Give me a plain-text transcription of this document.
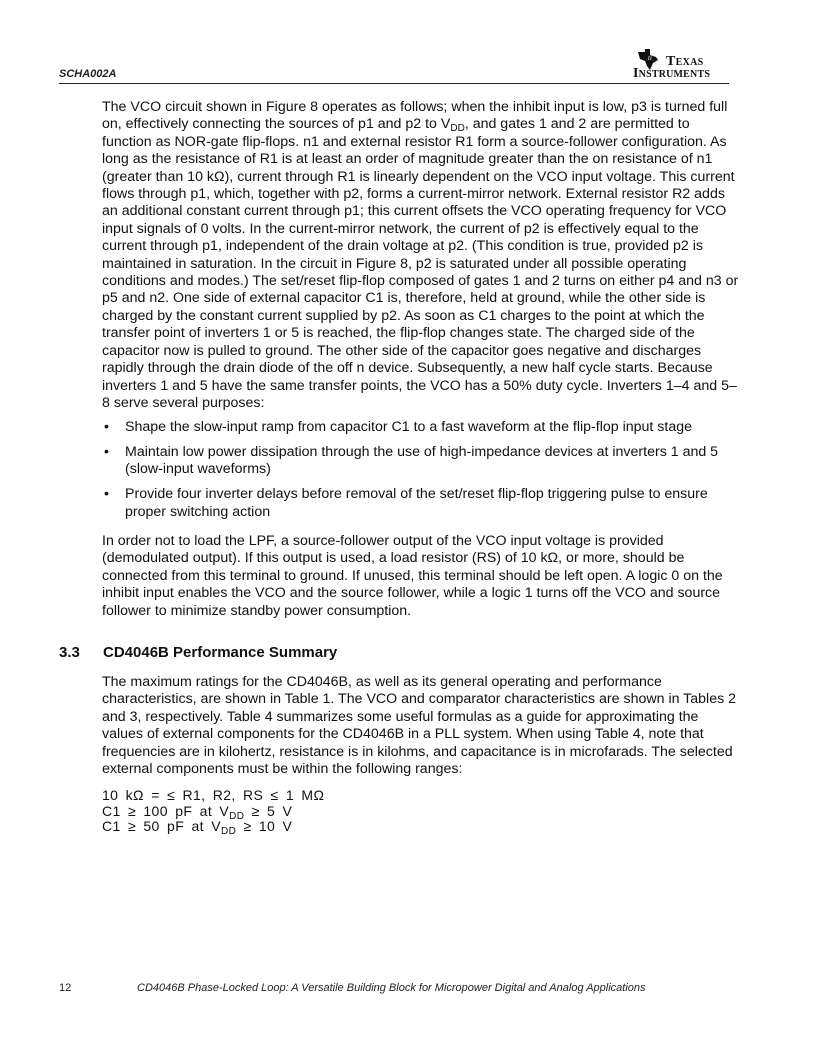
SCHA002A
ti Texas
Instruments
The VCO circuit shown in Figure 8 operates as follows; when the inhibit input is low, p3 is turned full on, effectively connecting the sources of p1 and p2 to $V_{DD}$, and gates 1 and 2 are permitted to function as NOR-gate flip-flops. n1 and external resistor R1 form a source-follower configuration. As long as the resistance of R1 is at least an order of magnitude greater than the on resistance of n1 (greater than 10 kΩ), current through R1 is linearly dependent on the VCO input voltage. This current flows through p1, which, together with p2, forms a current-mirror network. External resistor R2 adds an additional constant current through p1; this current offsets the VCO operating frequency for VCO input signals of 0 volts. In the current-mirror network, the current of p2 is effectively equal to the current through p1, independent of the drain voltage at p2. (This condition is true, provided p2 is maintained in saturation. In the circuit in Figure 8, p2 is saturated under all possible operating conditions and modes.) The set/reset flip-flop composed of gates 1 and 2 turns on either p4 and n3 or p5 and n2. One side of external capacitor C1 is, therefore, held at ground, while the other side is charged by the constant current supplied by p2. As soon as C1 charges to the point at which the transfer point of inverters 1 or 5 is reached, the flip-flop changes state. The charged side of the capacitor now is pulled to ground. The other side of the capacitor goes negative and discharges rapidly through the drain diode of the off n device. Subsequently, a new half cycle starts. Because inverters 1 and 5 have the same transfer points, the VCO has a 50% duty cycle. Inverters 1–4 and 5–8 serve several purposes:
• Shape the slow-input ramp from capacitor C1 to a fast waveform at the flip-flop input stage
• Maintain low power dissipation through the use of high-impedance devices at inverters 1 and 5 (slow-input waveforms)
• Provide four inverter delays before removal of the set/reset flip-flop triggering pulse to ensure proper switching action
In order not to load the LPF, a source-follower output of the VCO input voltage is provided (demodulated output). If this output is used, a load resistor (RS) of 10 kΩ, or more, should be connected from this terminal to ground. If unused, this terminal should be left open. A logic 0 on the inhibit input enables the VCO and the source follower, while a logic 1 turns off the VCO and source follower to minimize standby power consumption.
3.3 CD4046B Performance Summary
The maximum ratings for the CD4046B, as well as its general operating and performance characteristics, are shown in Table 1. The VCO and comparator characteristics are shown in Tables 2 and 3, respectively. Table 4 summarizes some useful formulas as a guide for approximating the values of external components for the CD4046B in a PLL system. When using Table 4, note that frequencies are in kilohertz, resistance is in kilohms, and capacitance is in microfarads. The selected external components must be within the following ranges:
10 kΩ = ≤ R1, R2, RS ≤ 1 MΩ
C1 ≥ 100 pF at $V_{DD} \ge 5$ V
C1 ≥ 50 pF at $V_{DD} \ge 10$ V
12	CD4046B Phase-Locked Loop: A Versatile Building Block for Micropower Digital and Analog Applications
